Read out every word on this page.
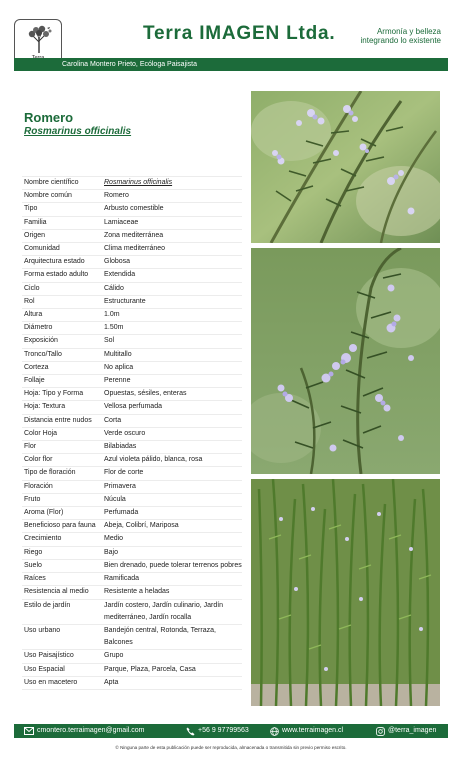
Terra IMAGEN Ltda.	Armonía y belleza
integrando lo existente
Carolina Montero Prieto, Ecóloga Paisajista
Romero
Rosmarinus officinalis
Nombre científico	Rosmarinus officinalis
Nombre común	Romero
Tipo	Arbusto comestible
Familia	Lamiaceae
Origen	Zona mediterránea
Comunidad	Clima mediterráneo
Arquitectura estado	Globosa
Forma estado adulto	Extendida
Ciclo	Cálido
Rol	Estructurante
Altura	1.0m
Diámetro	1.50m
Exposición	Sol
Tronco/Tallo	Multitallo
Corteza	No aplica
Follaje	Perenne
Hoja: Tipo y Forma	Opuestas, sésiles, enteras
Hoja: Textura	Vellosa perfumada
Distancia entre nudos	Corta
Color Hoja	Verde oscuro
Flor	Bilabiadas
Color flor	Azul violeta pálido, blanca, rosa
Tipo de floración	Flor de corte
Floración	Primavera
Fruto	Núcula
Aroma (Flor)	Perfumada
Beneficioso para fauna	Abeja, Colibrí, Mariposa
Crecimiento	Medio
Riego	Bajo
Suelo	Bien drenado, puede tolerar terrenos pobres
Raíces	Ramificada
Resistencia al medio	Resistente a heladas
Estilo de jardín	Jardín costero, Jardín culinario, Jardín mediterráneo, Jardín rocalla
Uso urbano	Bandejón central, Rotonda, Terraza, Balcones
Uso Paisajístico	Grupo
Uso Espacial	Parque, Plaza, Parcela, Casa
Uso en macetero	Apta
cmontero.terraimagen@gmail.com	+56 9 97799563	www.terraimagen.cl	@terra_imagen
© Ninguna parte de esta publicación puede ser reproducida, almacenada o transmitida sin previo permiso escrito.
